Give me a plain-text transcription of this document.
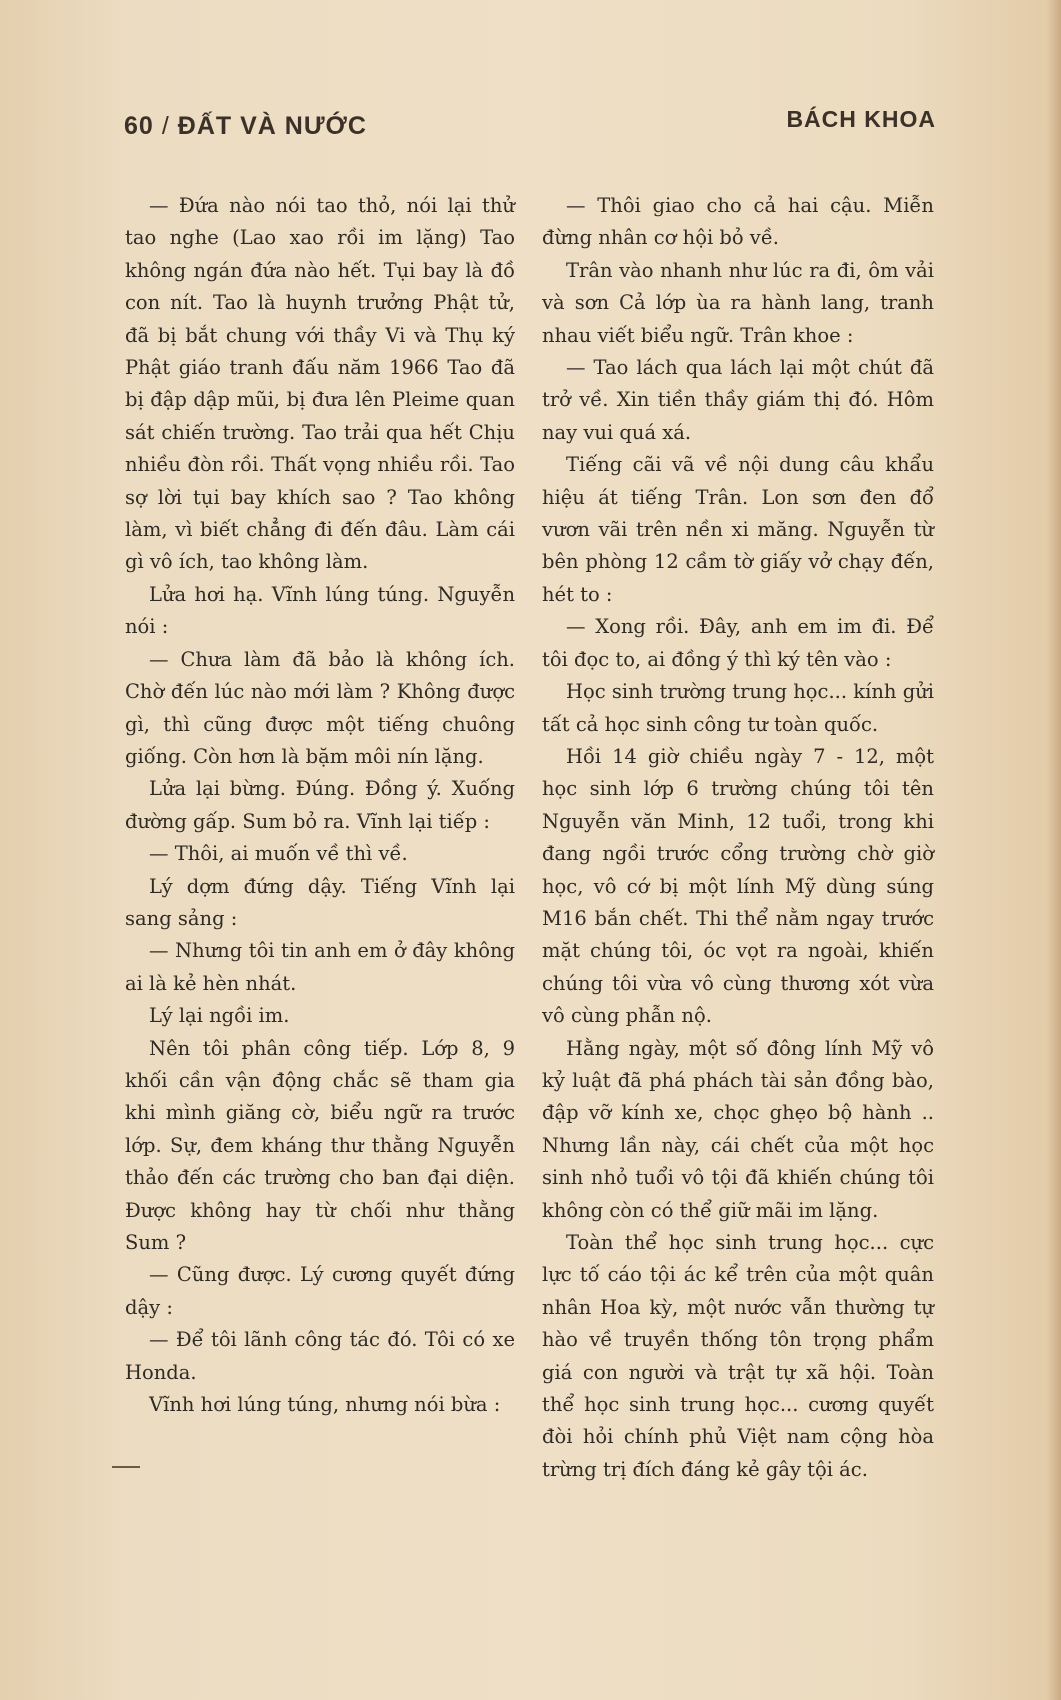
60 / ĐẤT VÀ NƯỚC	BÁCH KHOA

— Đứa nào nói tao thỏ, nói lại thử tao nghe (Lao xao rồi im lặng) Tao không ngán đứa nào hết. Tụi bay là đồ con nít. Tao là huynh trưởng Phật tử, đã bị bắt chung với thầy Vi và Thụ ký Phật giáo tranh đấu năm 1966 Tao đã bị đập dập mũi, bị đưa lên Pleime quan sát chiến trường. Tao trải qua hết Chịu nhiều đòn rồi. Thất vọng nhiều rồi. Tao sợ lời tụi bay khích sao ? Tao không làm, vì biết chẳng đi đến đâu. Làm cái gì vô ích, tao không làm.

Lửa hơi hạ. Vĩnh lúng túng. Nguyễn nói :

— Chưa làm đã bảo là không ích. Chờ đến lúc nào mới làm ? Không được gì, thì cũng được một tiếng chuông giống. Còn hơn là bặm môi nín lặng.

Lửa lại bừng. Đúng. Đồng ý. Xuống đường gấp. Sum bỏ ra. Vĩnh lại tiếp :

— Thôi, ai muốn về thì về.

Lý dợm đứng dậy. Tiếng Vĩnh lại sang sảng :

— Nhưng tôi tin anh em ở đây không ai là kẻ hèn nhát.

Lý lại ngồi im.

Nên tôi phân công tiếp. Lớp 8, 9 khối cần vận động chắc sẽ tham gia khi mình giăng cờ, biểu ngữ ra trước lớp. Sự, đem kháng thư thằng Nguyễn thảo đến các trường cho ban đại diện. Được không hay từ chối như thằng Sum ?

— Cũng được. Lý cương quyết đứng dậy :

— Để tôi lãnh công tác đó. Tôi có xe Honda.

Vĩnh hơi lúng túng, nhưng nói bừa :

— Thôi giao cho cả hai cậu. Miễn đừng nhân cơ hội bỏ về.

Trân vào nhanh như lúc ra đi, ôm vải và sơn Cả lớp ùa ra hành lang, tranh nhau viết biểu ngữ. Trân khoe :

— Tao lách qua lách lại một chút đã trở về. Xin tiền thầy giám thị đó. Hôm nay vui quá xá.

Tiếng cãi vã về nội dung câu khẩu hiệu át tiếng Trân. Lon sơn đen đổ vươn vãi trên nền xi măng. Nguyễn từ bên phòng 12 cầm tờ giấy vở chạy đến, hét to :

— Xong rồi. Đây, anh em im đi. Để tôi đọc to, ai đồng ý thì ký tên vào :

Học sinh trường trung học... kính gửi tất cả học sinh công tư toàn quốc.

Hồi 14 giờ chiều ngày 7 - 12, một học sinh lớp 6 trường chúng tôi tên Nguyễn văn Minh, 12 tuổi, trong khi đang ngồi trước cổng trường chờ giờ học, vô cớ bị một lính Mỹ dùng súng M16 bắn chết. Thi thể nằm ngay trước mặt chúng tôi, óc vọt ra ngoài, khiến chúng tôi vừa vô cùng thương xót vừa vô cùng phẫn nộ.

Hằng ngày, một số đông lính Mỹ vô kỷ luật đã phá phách tài sản đồng bào, đập vỡ kính xe, chọc ghẹo bộ hành .. Nhưng lần này, cái chết của một học sinh nhỏ tuổi vô tội đã khiến chúng tôi không còn có thể giữ mãi im lặng.

Toàn thể học sinh trung học... cực lực tố cáo tội ác kể trên của một quân nhân Hoa kỳ, một nước vẫn thường tự hào về truyền thống tôn trọng phẩm giá con người và trật tự xã hội. Toàn thể học sinh trung học... cương quyết đòi hỏi chính phủ Việt nam cộng hòa trừng trị đích đáng kẻ gây tội ác.
